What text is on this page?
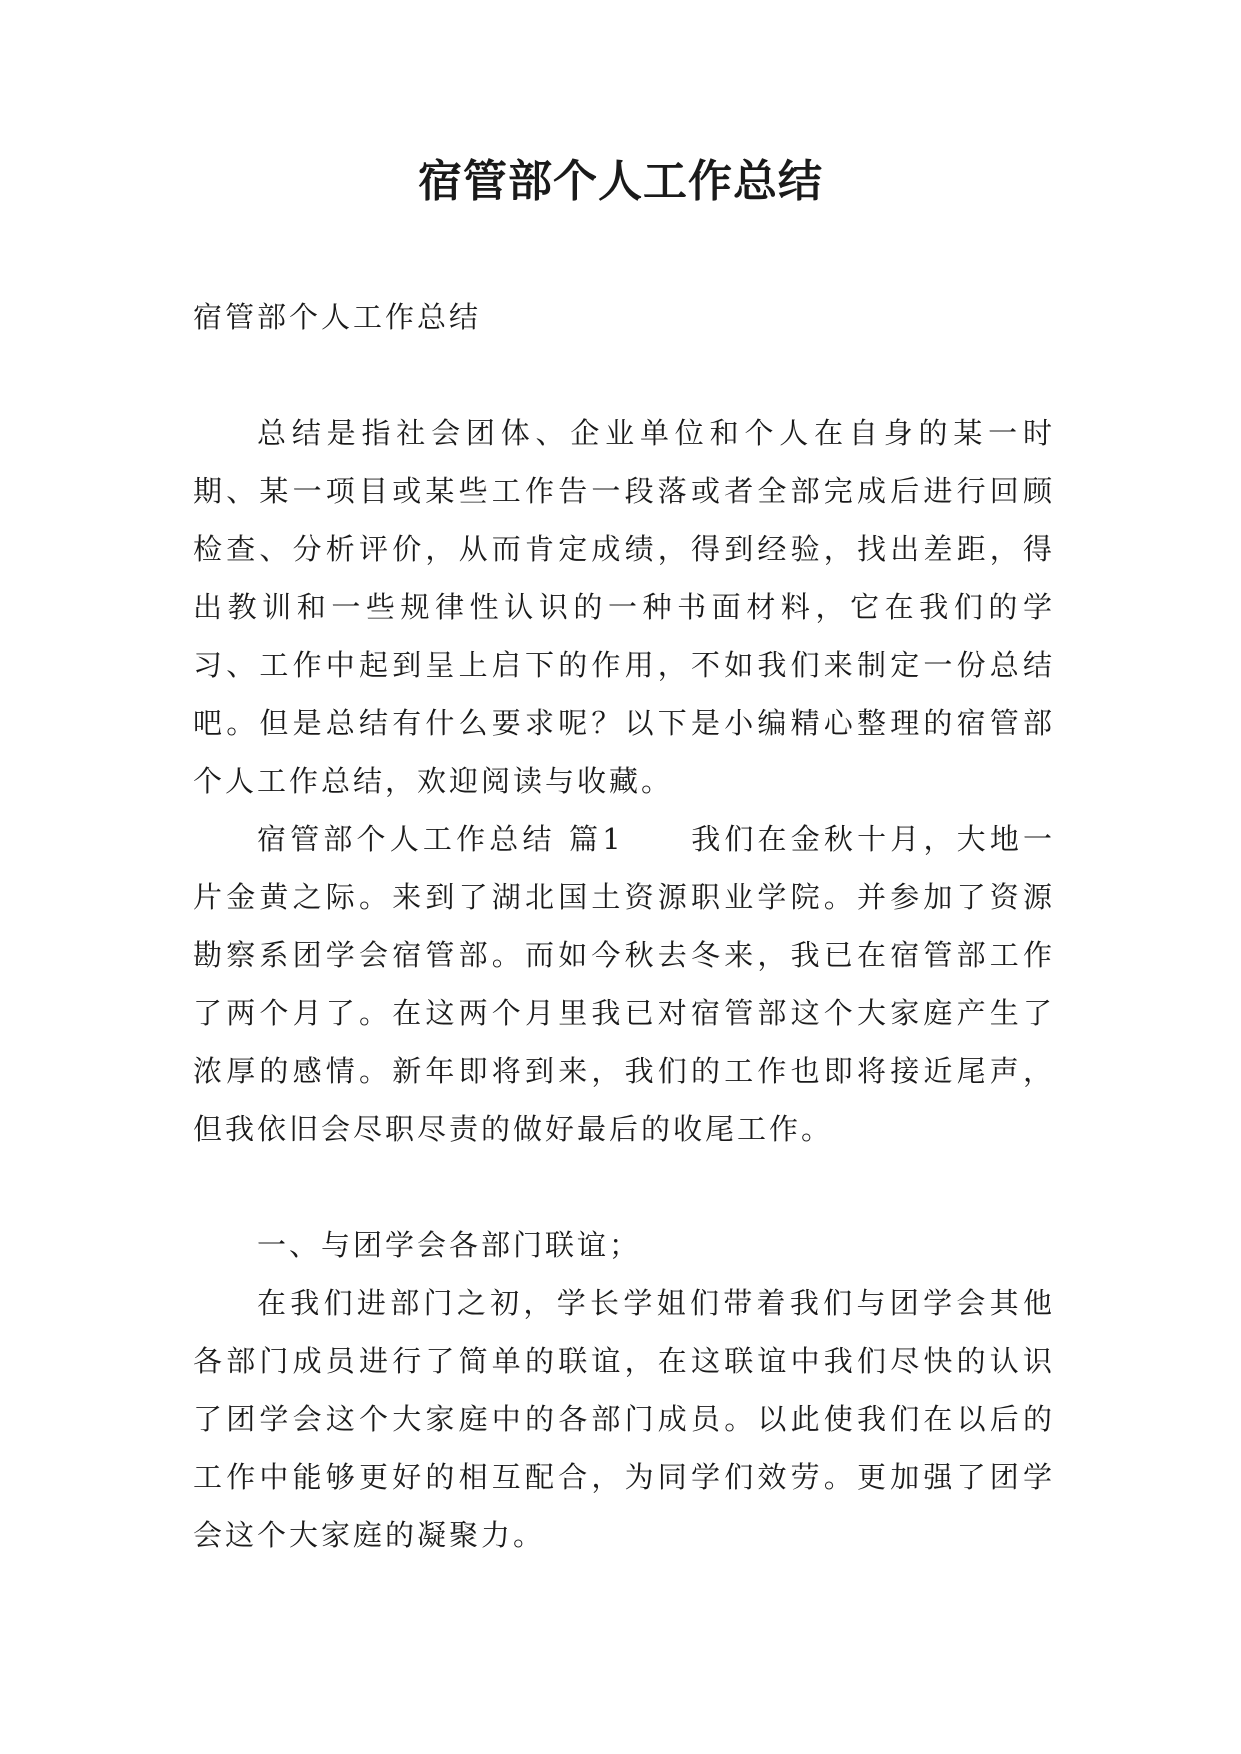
宿管部个人工作总结

宿管部个人工作总结

总结是指社会团体、企业单位和个人在自身的某一时期、某一项目或某些工作告一段落或者全部完成后进行回顾检查、分析评价，从而肯定成绩，得到经验，找出差距，得出教训和一些规律性认识的一种书面材料，它在我们的学习、工作中起到呈上启下的作用，不如我们来制定一份总结吧。但是总结有什么要求呢？以下是小编精心整理的宿管部个人工作总结，欢迎阅读与收藏。

宿管部个人工作总结 篇1　　我们在金秋十月，大地一片金黄之际。来到了湖北国土资源职业学院。并参加了资源勘察系团学会宿管部。而如今秋去冬来，我已在宿管部工作了两个月了。在这两个月里我已对宿管部这个大家庭产生了浓厚的感情。新年即将到来，我们的工作也即将接近尾声，但我依旧会尽职尽责的做好最后的收尾工作。

一、与团学会各部门联谊；

在我们进部门之初，学长学姐们带着我们与团学会其他各部门成员进行了简单的联谊，在这联谊中我们尽快的认识了团学会这个大家庭中的各部门成员。以此使我们在以后的工作中能够更好的相互配合，为同学们效劳。更加强了团学会这个大家庭的凝聚力。
